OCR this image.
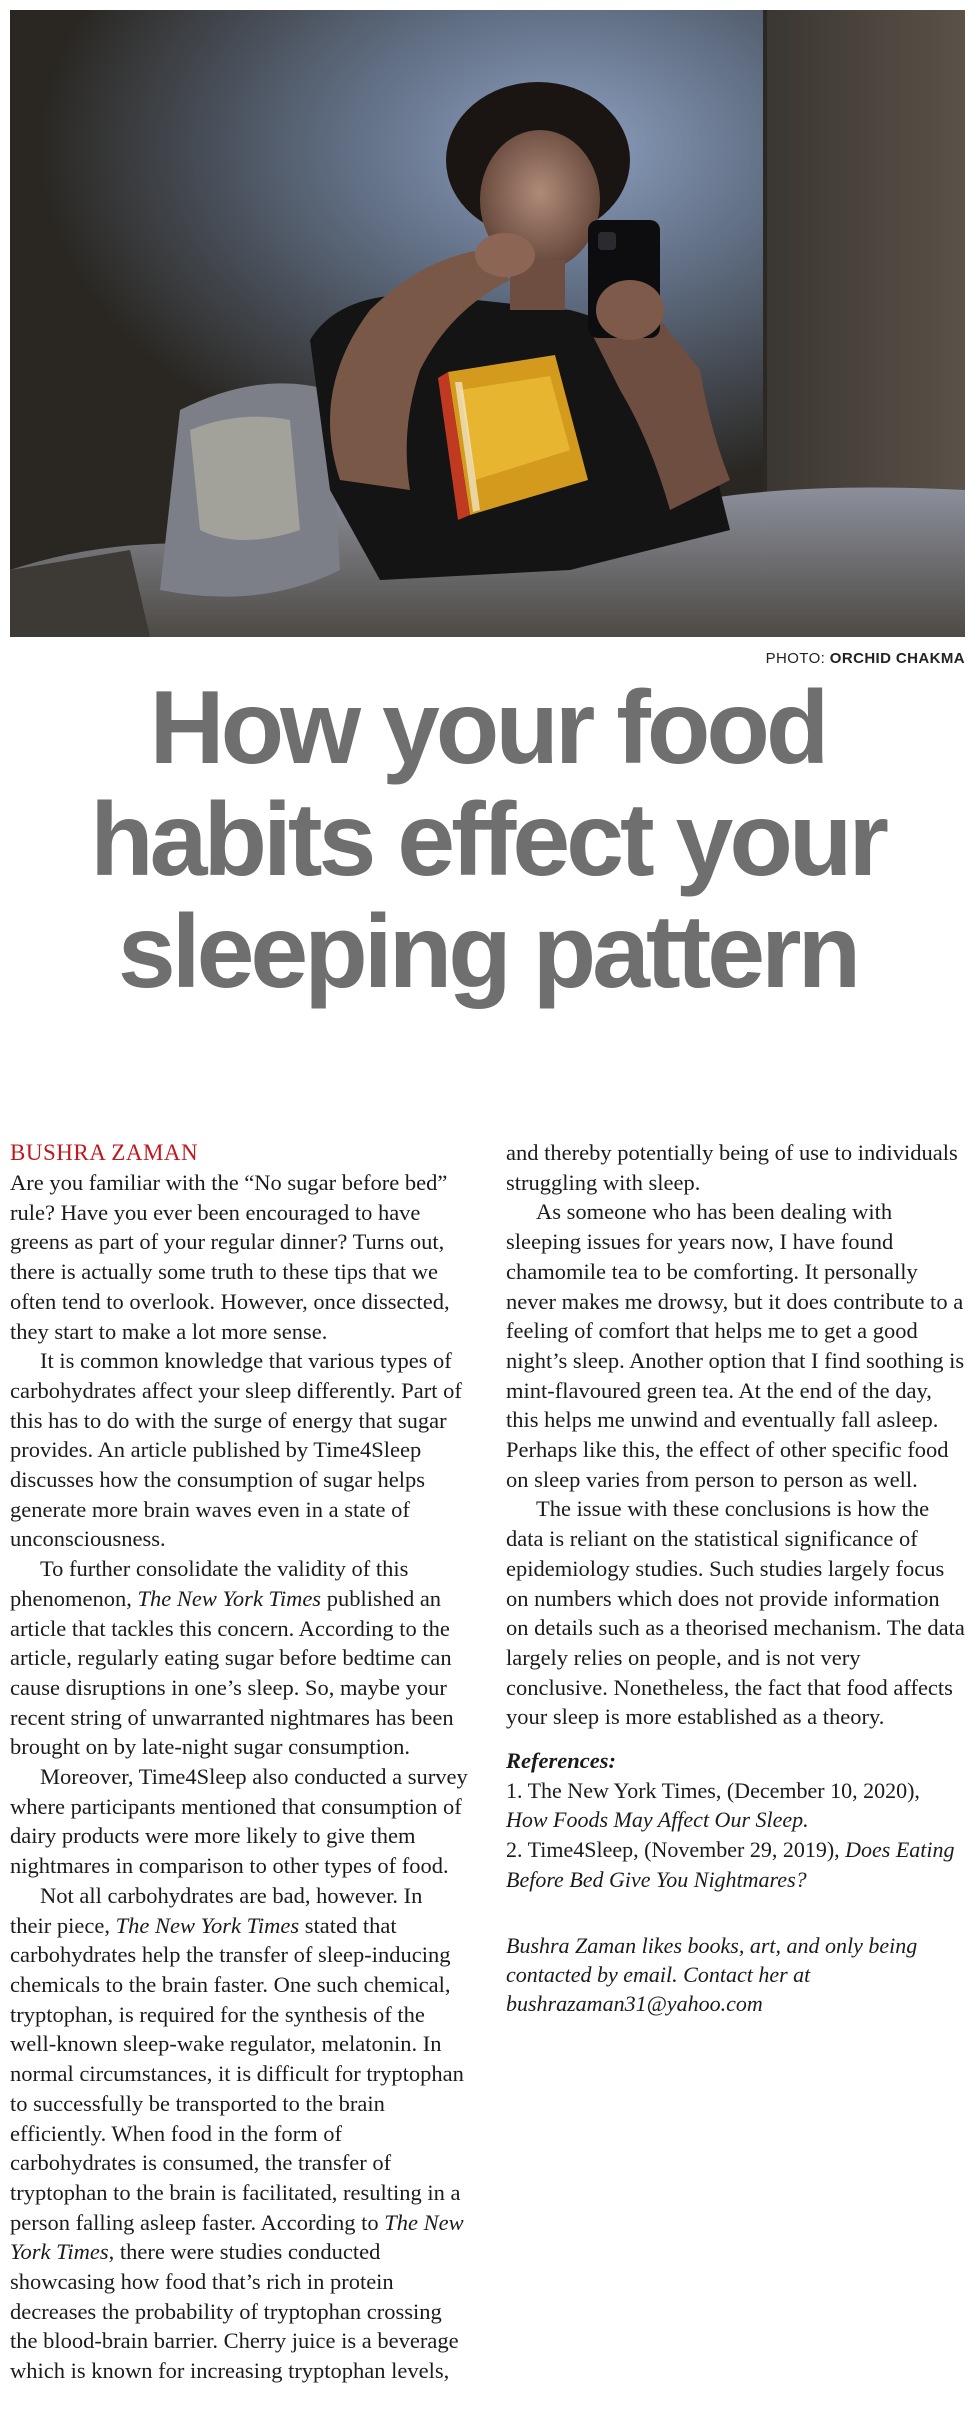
PHOTO: ORCHID CHAKMA
How your food
habits effect your
sleeping pattern
BUSHRA ZAMAN

Are you familiar with the “No sugar before bed” rule? Have you ever been encouraged to have greens as part of your regular dinner? Turns out, there is actually some truth to these tips that we often tend to overlook. However, once dissected, they start to make a lot more sense.

It is common knowledge that various types of carbohydrates affect your sleep differently. Part of this has to do with the surge of energy that sugar provides. An article published by Time4Sleep discusses how the consumption of sugar helps generate more brain waves even in a state of unconsciousness.

To further consolidate the validity of this phenomenon, The New York Times published an article that tackles this concern. According to the article, regularly eating sugar before bedtime can cause disruptions in one’s sleep. So, maybe your recent string of unwarranted nightmares has been brought on by late-night sugar consumption.

Moreover, Time4Sleep also conducted a survey where participants mentioned that consumption of dairy products were more likely to give them nightmares in comparison to other types of food.

Not all carbohydrates are bad, however. In their piece, The New York Times stated that carbohydrates help the transfer of sleep-inducing chemicals to the brain faster. One such chemical, tryptophan, is required for the synthesis of the well-known sleep-wake regulator, melatonin. In normal circumstances, it is difficult for tryptophan to successfully be transported to the brain efficiently. When food in the form of carbohydrates is consumed, the transfer of tryptophan to the brain is facilitated, resulting in a person falling asleep faster. According to The New York Times, there were studies conducted showcasing how food that’s rich in protein decreases the probability of tryptophan crossing the blood-brain barrier. Cherry juice is a beverage which is known for increasing tryptophan levels,

and thereby potentially being of use to individuals struggling with sleep.

As someone who has been dealing with sleeping issues for years now, I have found chamomile tea to be comforting. It personally never makes me drowsy, but it does contribute to a feeling of comfort that helps me to get a good night’s sleep. Another option that I find soothing is mint-flavoured green tea. At the end of the day, this helps me unwind and eventually fall asleep. Perhaps like this, the effect of other specific food on sleep varies from person to person as well.

The issue with these conclusions is how the data is reliant on the statistical significance of epidemiology studies. Such studies largely focus on numbers which does not provide information on details such as a theorised mechanism. The data largely relies on people, and is not very conclusive. Nonetheless, the fact that food affects your sleep is more established as a theory.

References:

1. The New York Times, (December 10, 2020), How Foods May Affect Our Sleep.

2. Time4Sleep, (November 29, 2019), Does Eating Before Bed Give You Nightmares?

Bushra Zaman likes books, art, and only being contacted by email. Contact her at bushrazaman31@yahoo.com
